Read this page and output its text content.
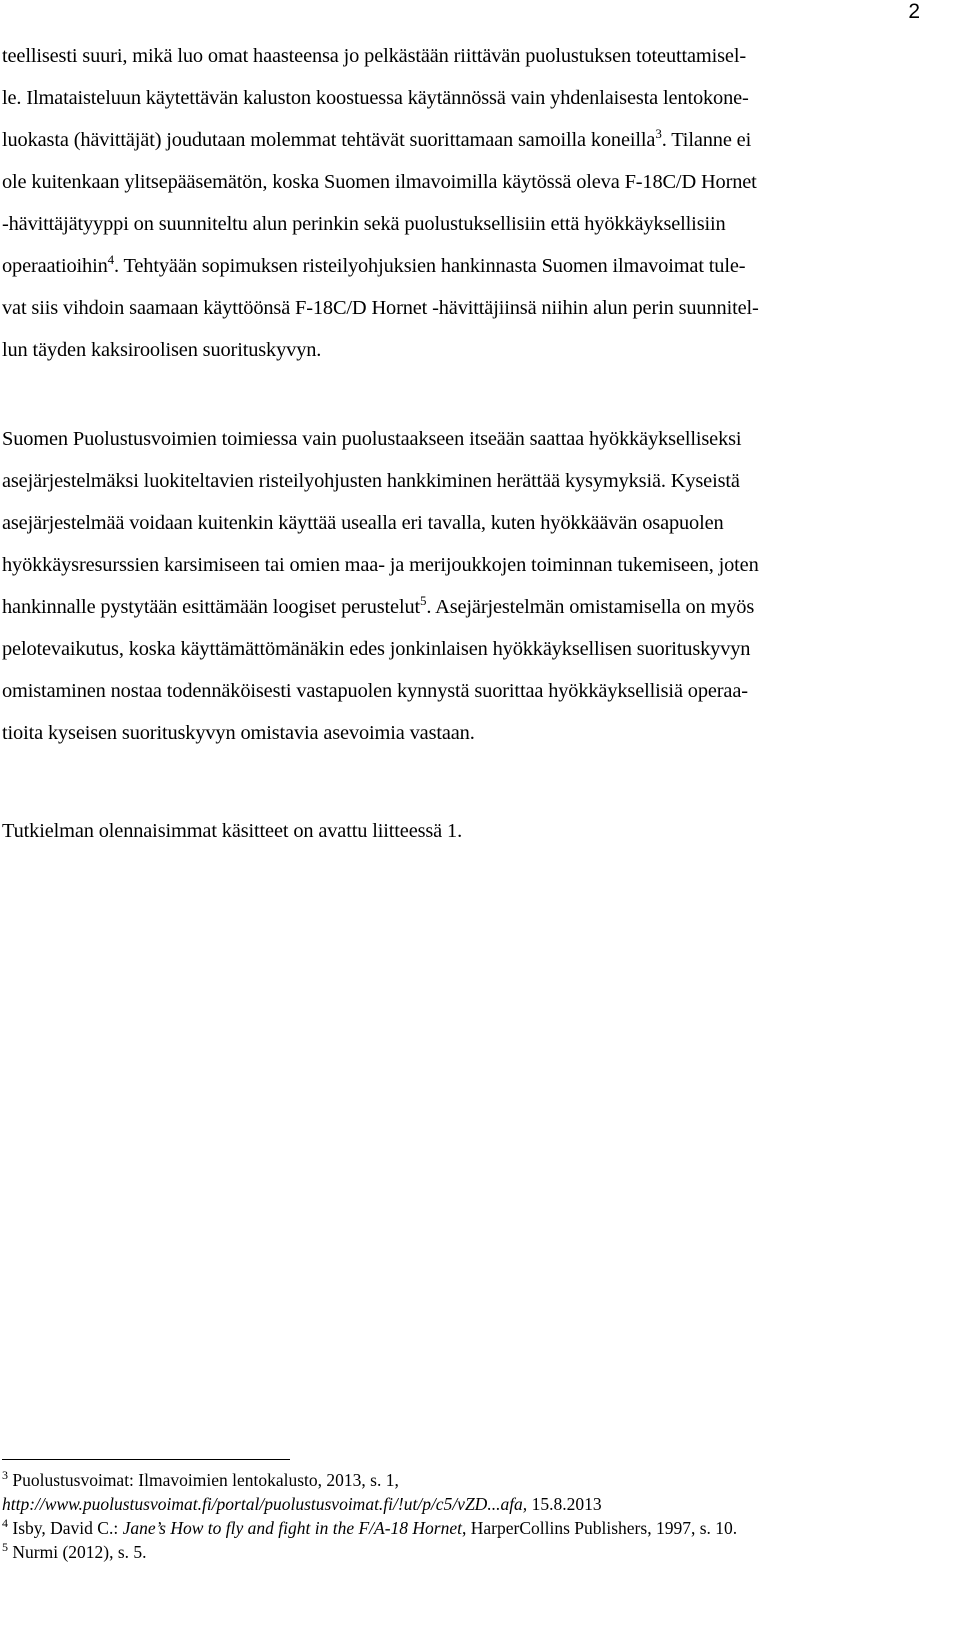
2
teellisesti suuri, mikä luo omat haasteensa jo pelkästään riittävän puolustuksen toteuttamisel-
le. Ilmataisteluun käytettävän kaluston koostuessa käytännössä vain yhdenlaisesta lentokone-
luokasta (hävittäjät) joudutaan molemmat tehtävät suorittamaan samoilla koneilla$^3$. Tilanne ei
ole kuitenkaan ylitsepääsemätön, koska Suomen ilmavoimilla käytössä oleva F-18C/D Hornet
-hävittäjätyyppi on suunniteltu alun perinkin sekä puolustuksellisiin että hyökkäyksellisiin
operaatioihin$^4$. Tehtyään sopimuksen risteilyohjuksien hankinnasta Suomen ilmavoimat tule-
vat siis vihdoin saamaan käyttöönsä F-18C/D Hornet -hävittäjiinsä niihin alun perin suunnitel-
lun täyden kaksiroolisen suorituskyvyn.
Suomen Puolustusvoimien toimiessa vain puolustaakseen itseään saattaa hyökkäykselliseksi
asejärjestelmäksi luokiteltavien risteilyohjusten hankkiminen herättää kysymyksiä. Kyseistä
asejärjestelmää voidaan kuitenkin käyttää usealla eri tavalla, kuten hyökkäävän osapuolen
hyökkäysresurssien karsimiseen tai omien maa- ja merijoukkojen toiminnan tukemiseen, joten
hankinnalle pystytään esittämään loogiset perustelut$^5$. Asejärjestelmän omistamisella on myös
pelotevaikutus, koska käyttämättömänäkin edes jonkinlaisen hyökkäyksellisen suorituskyvyn
omistaminen nostaa todennäköisesti vastapuolen kynnystä suorittaa hyökkäyksellisiä operaa-
tioita kyseisen suorituskyvyn omistavia asevoimia vastaan.
Tutkielman olennaisimmat käsitteet on avattu liitteessä 1.
$^3$ Puolustusvoimat: Ilmavoimien lentokalusto, 2013, s. 1,
http://www.puolustusvoimat.fi/portal/puolustusvoimat.fi/!ut/p/c5/vZD...afa, 15.8.2013
$^4$ Isby, David C.: Jane’s How to fly and fight in the F/A-18 Hornet, HarperCollins Publishers, 1997, s. 10.
$^5$ Nurmi (2012), s. 5.
